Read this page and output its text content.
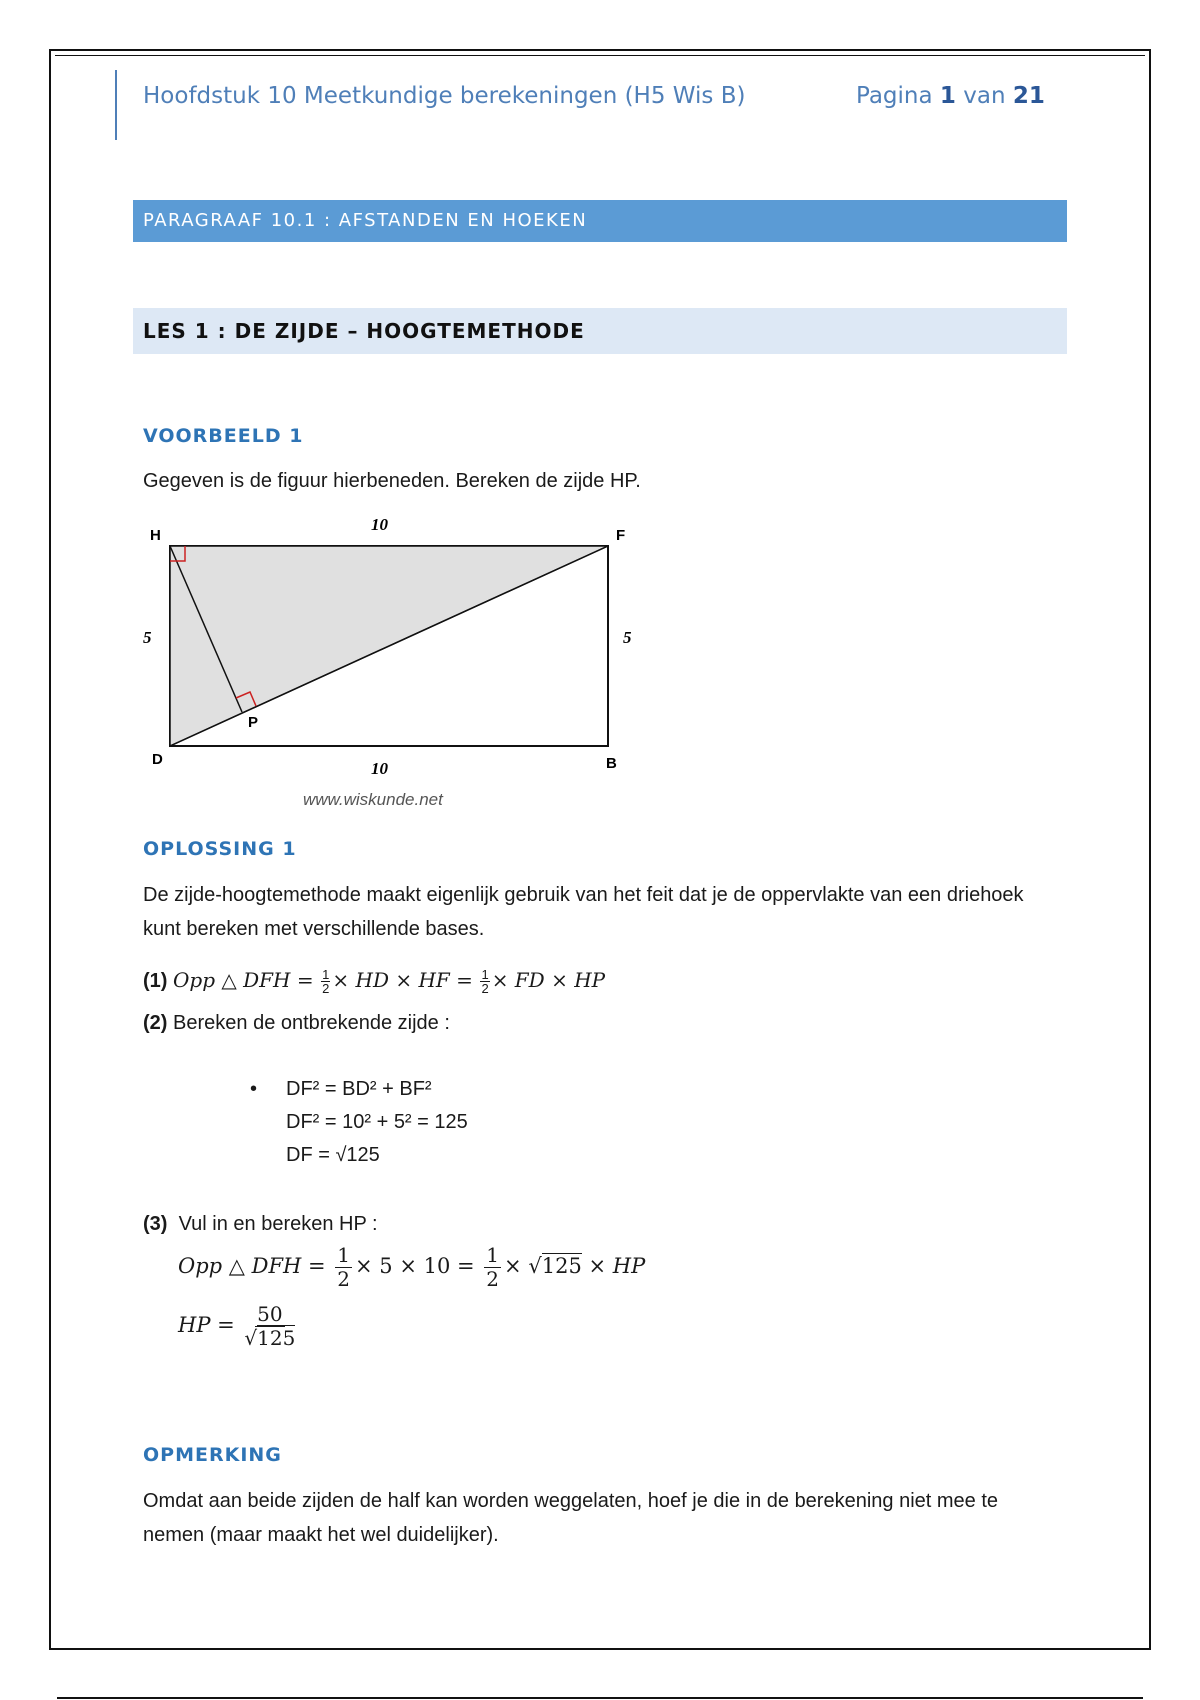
Hoofdstuk 10 Meetkundige berekeningen (H5 Wis B)	Pagina 1 van 21
PARAGRAAF 10.1 : AFSTANDEN EN HOEKEN
LES 1 : DE ZIJDE – HOOGTEMETHODE
VOORBEELD 1
Gegeven is de figuur hierbeneden. Bereken de zijde HP.
H	F
D	B
P
10
10
5	5
www.wiskunde.net
OPLOSSING 1
De zijde-hoogtemethode maakt eigenlijk gebruik van het feit dat je de oppervlakte van een driehoek kunt bereken met verschillende bases.
(1) Opp △ DFH = $\frac{1}{2}$ × HD × HF = $\frac{1}{2}$ × FD × HP
(2) Bereken de ontbrekende zijde :
• DF² = BD² + BF²
DF² = 10² + 5² = 125
DF = √125
(3) Vul in en bereken HP :
Opp △ DFH = $\frac{1}{2} \times 5 \times 10 = \frac{1}{2} \times √125$ × HP
HP = $\frac{50}{√125}$
OPMERKING
Omdat aan beide zijden de half kan worden weggelaten, hoef je die in de berekening niet mee te nemen (maar maakt het wel duidelijker).
